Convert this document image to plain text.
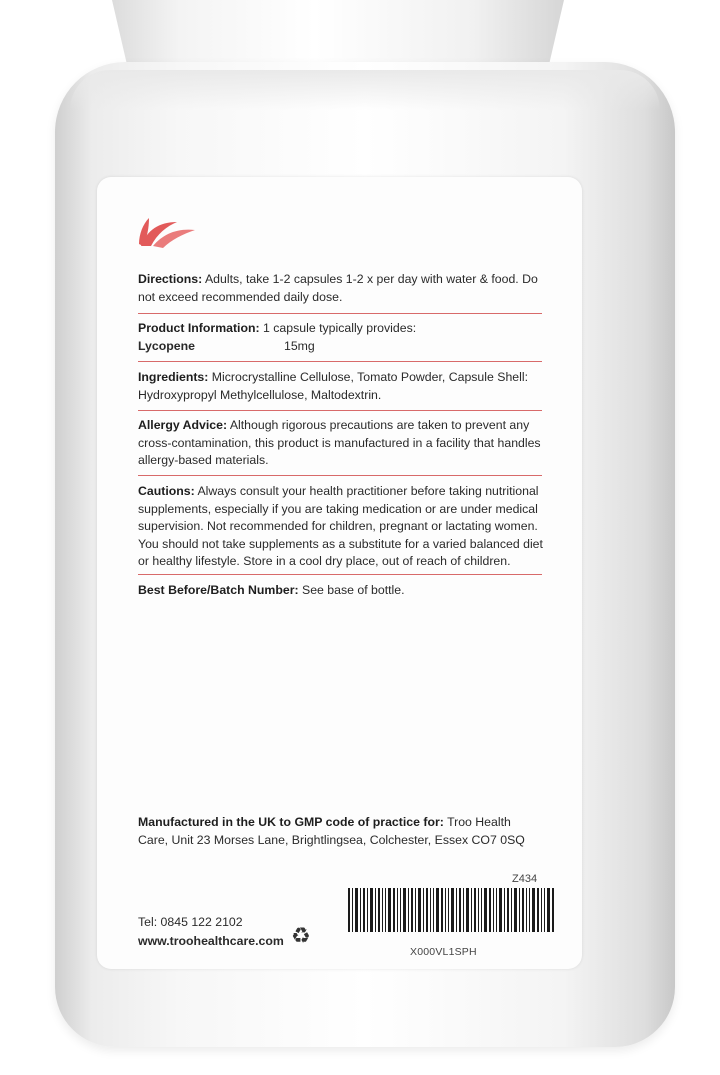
Directions: Adults, take 1-2 capsules 1-2 x per day with water & food. Do not exceed recommended daily dose.
Product Information: 1 capsule typically provides:
Lycopene	15mg
Ingredients: Microcrystalline Cellulose, Tomato Powder, Capsule Shell: Hydroxypropyl Methylcellulose, Maltodextrin.
Allergy Advice: Although rigorous precautions are taken to prevent any cross-contamination, this product is manufactured in a facility that handles allergy-based materials.
Cautions: Always consult your health practitioner before taking nutritional supplements, especially if you are taking medication or are under medical supervision. Not recommended for children, pregnant or lactating women. You should not take supplements as a substitute for a varied balanced diet or healthy lifestyle. Store in a cool dry place, out of reach of children.
Best Before/Batch Number: See base of bottle.
Manufactured in the UK to GMP code of practice for: Troo Health Care, Unit 23 Morses Lane, Brightlingsea, Colchester, Essex CO7 0SQ
Z434
X000VL1SPH
Tel: 0845 122 2102
www.troohealthcare.com ♻
